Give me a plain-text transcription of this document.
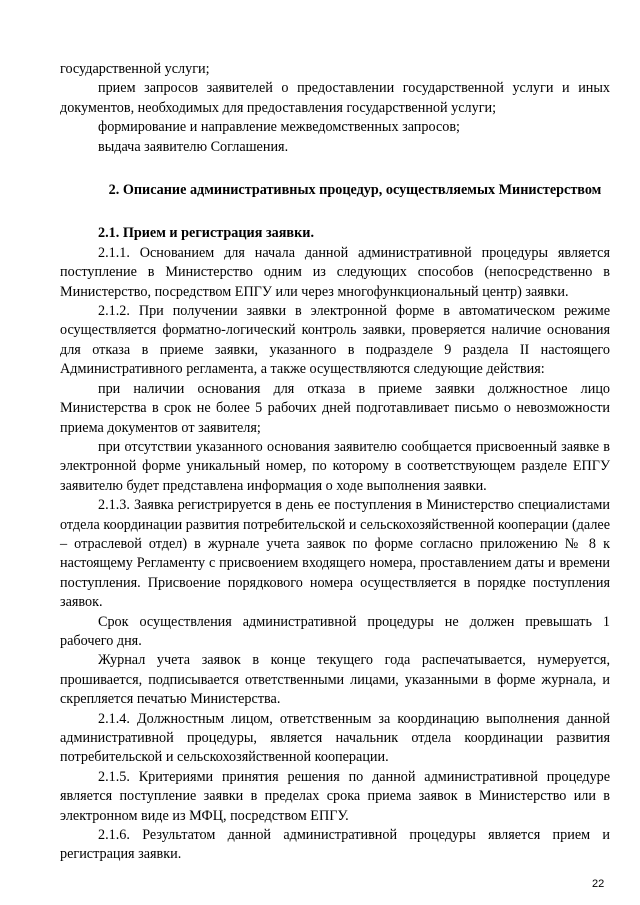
государственной услуги;

прием запросов заявителей о предоставлении государственной услуги и иных документов, необходимых для предоставления государственной услуги;

формирование и направление межведомственных запросов;

выдача заявителю Соглашения.

2. Описание административных процедур, осуществляемых Министерством

2.1. Прием и регистрация заявки.

2.1.1. Основанием для начала данной административной процедуры является поступление в Министерство одним из следующих способов (непосредственно в Министерство, посредством ЕПГУ или через многофункциональный центр) заявки.

2.1.2. При получении заявки в электронной форме в автоматическом режиме осуществляется форматно-логический контроль заявки, проверяется наличие основания для отказа в приеме заявки, указанного в подразделе 9 раздела II настоящего Административного регламента, а также осуществляются следующие действия:

при наличии основания для отказа в приеме заявки должностное лицо Министерства в срок не более 5 рабочих дней подготавливает письмо о невозможности приема документов от заявителя;

при отсутствии указанного основания заявителю сообщается присвоенный заявке в электронной форме уникальный номер, по которому в соответствующем разделе ЕПГУ заявителю будет представлена информация о ходе выполнения заявки.

2.1.3. Заявка регистрируется в день ее поступления в Министерство специалистами отдела координации развития потребительской и сельскохозяйственной кооперации (далее – отраслевой отдел) в журнале учета заявок по форме согласно приложению № 8 к настоящему Регламенту с присвоением входящего номера, проставлением даты и времени поступления. Присвоение порядкового номера осуществляется в порядке поступления заявок.

Срок осуществления административной процедуры не должен превышать 1 рабочего дня.

Журнал учета заявок в конце текущего года распечатывается, нумеруется, прошивается, подписывается ответственными лицами, указанными в форме журнала, и скрепляется печатью Министерства.

2.1.4. Должностным лицом, ответственным за координацию выполнения данной административной процедуры, является начальник отдела координации развития потребительской и сельскохозяйственной кооперации.

2.1.5. Критериями принятия решения по данной административной процедуре является поступление заявки в пределах срока приема заявок в Министерство или в электронном виде из МФЦ, посредством ЕПГУ.

2.1.6. Результатом данной административной процедуры является прием и регистрация заявки.

22
